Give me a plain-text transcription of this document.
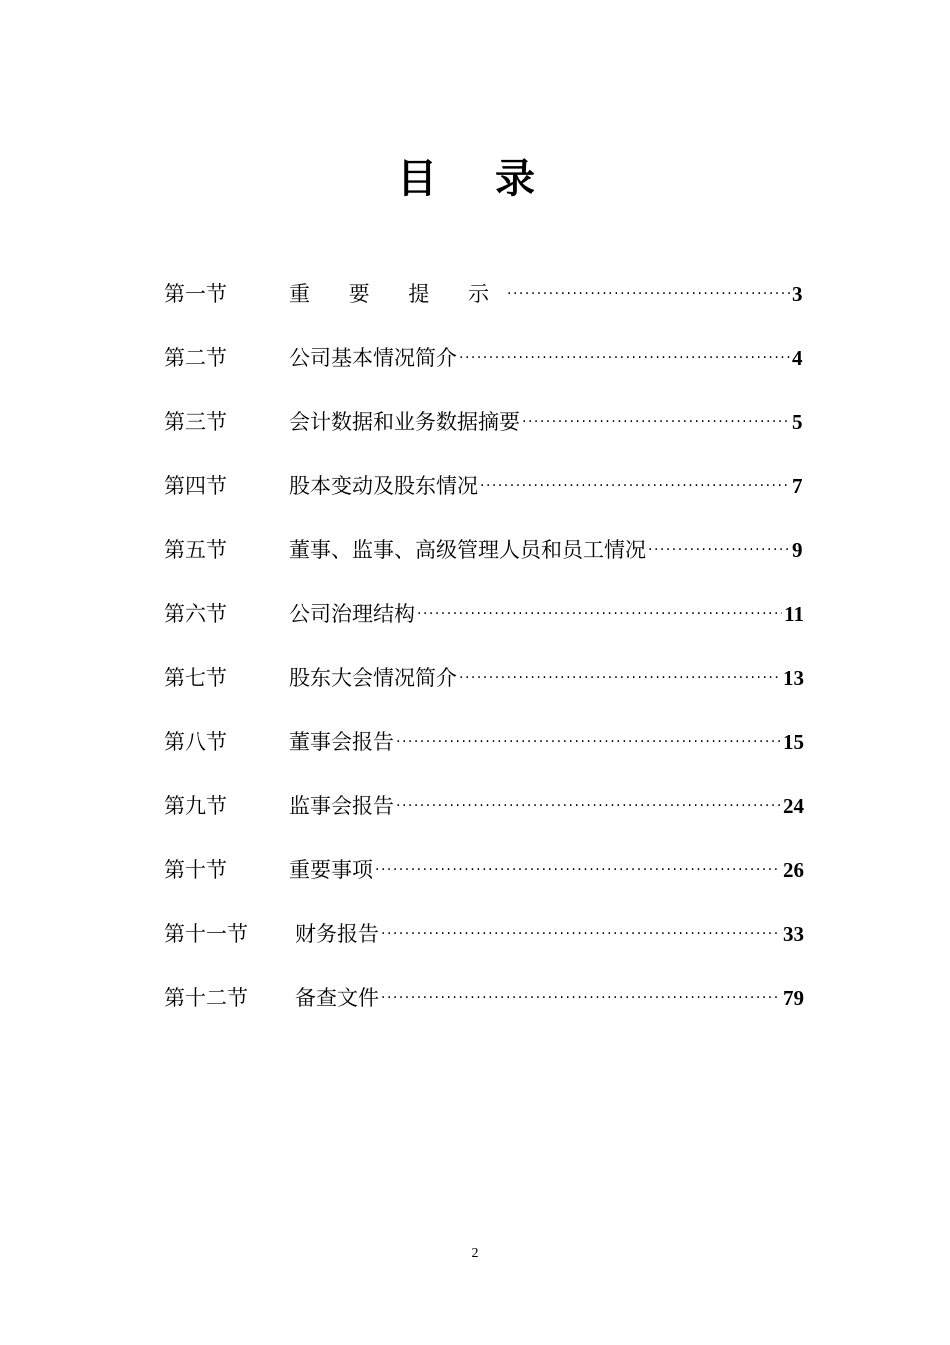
目 录
第一节	重 要 提 示 ·····	3
第二节	公司基本情况简介 ·····	4
第三节	会计数据和业务数据摘要 ·····	5
第四节	股本变动及股东情况 ·····	7
第五节	董事、监事、高级管理人员和员工情况 ·····	9
第六节	公司治理结构 ·····	11
第七节	股东大会情况简介 ·····	13
第八节	董事会报告 ·····	15
第九节	监事会报告 ·····	24
第十节	重要事项 ·····	26
第十一节	财务报告 ·····	33
第十二节	备查文件 ·····	79
2
